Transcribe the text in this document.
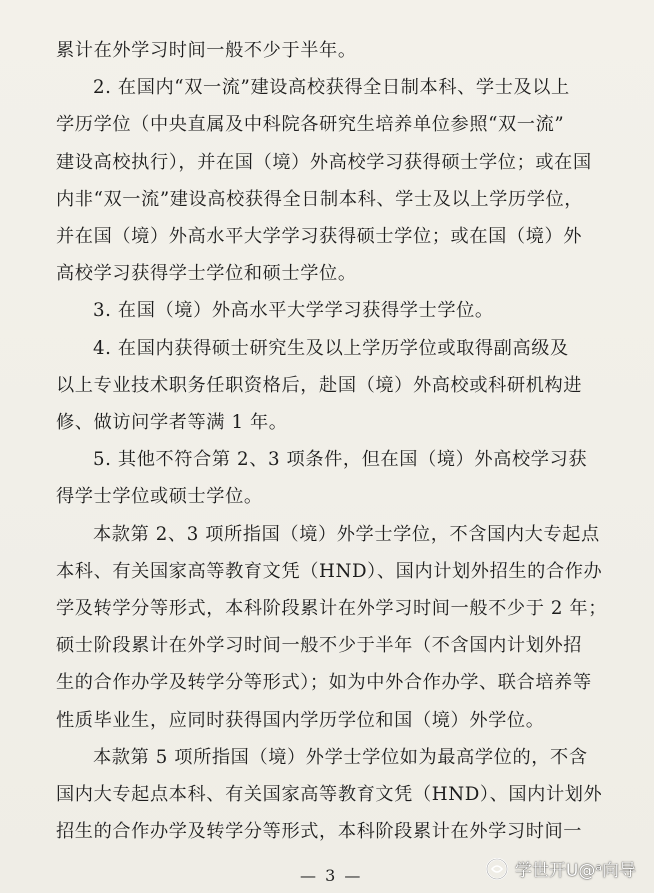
累计在外学习时间一般不少于半年。
2. 在国内“双一流”建设高校获得全日制本科、学士及以上
学历学位（中央直属及中科院各研究生培养单位参照“双一流”
建设高校执行），并在国（境）外高校学习获得硕士学位；或在国
内非“双一流”建设高校获得全日制本科、学士及以上学历学位，
并在国（境）外高水平大学学习获得硕士学位；或在国（境）外
高校学习获得学士学位和硕士学位。
3. 在国（境）外高水平大学学习获得学士学位。
4. 在国内获得硕士研究生及以上学历学位或取得副高级及
以上专业技术职务任职资格后，赴国（境）外高校或科研机构进
修、做访问学者等满 1 年。
5. 其他不符合第 2、3 项条件，但在国（境）外高校学习获
得学士学位或硕士学位。
本款第 2、3 项所指国（境）外学士学位，不含国内大专起点
本科、有关国家高等教育文凭（HND）、国内计划外招生的合作办
学及转学分等形式，本科阶段累计在外学习时间一般不少于 2 年；
硕士阶段累计在外学习时间一般不少于半年（不含国内计划外招
生的合作办学及转学分等形式）；如为中外合作办学、联合培养等
性质毕业生，应同时获得国内学历学位和国（境）外学位。
本款第 5 项所指国（境）外学士学位如为最高学位的，不含
国内大专起点本科、有关国家高等教育文凭（HND）、国内计划外
招生的合作办学及转学分等形式，本科阶段累计在外学习时间一
— 3 —	学世开U@ᵃ向导
